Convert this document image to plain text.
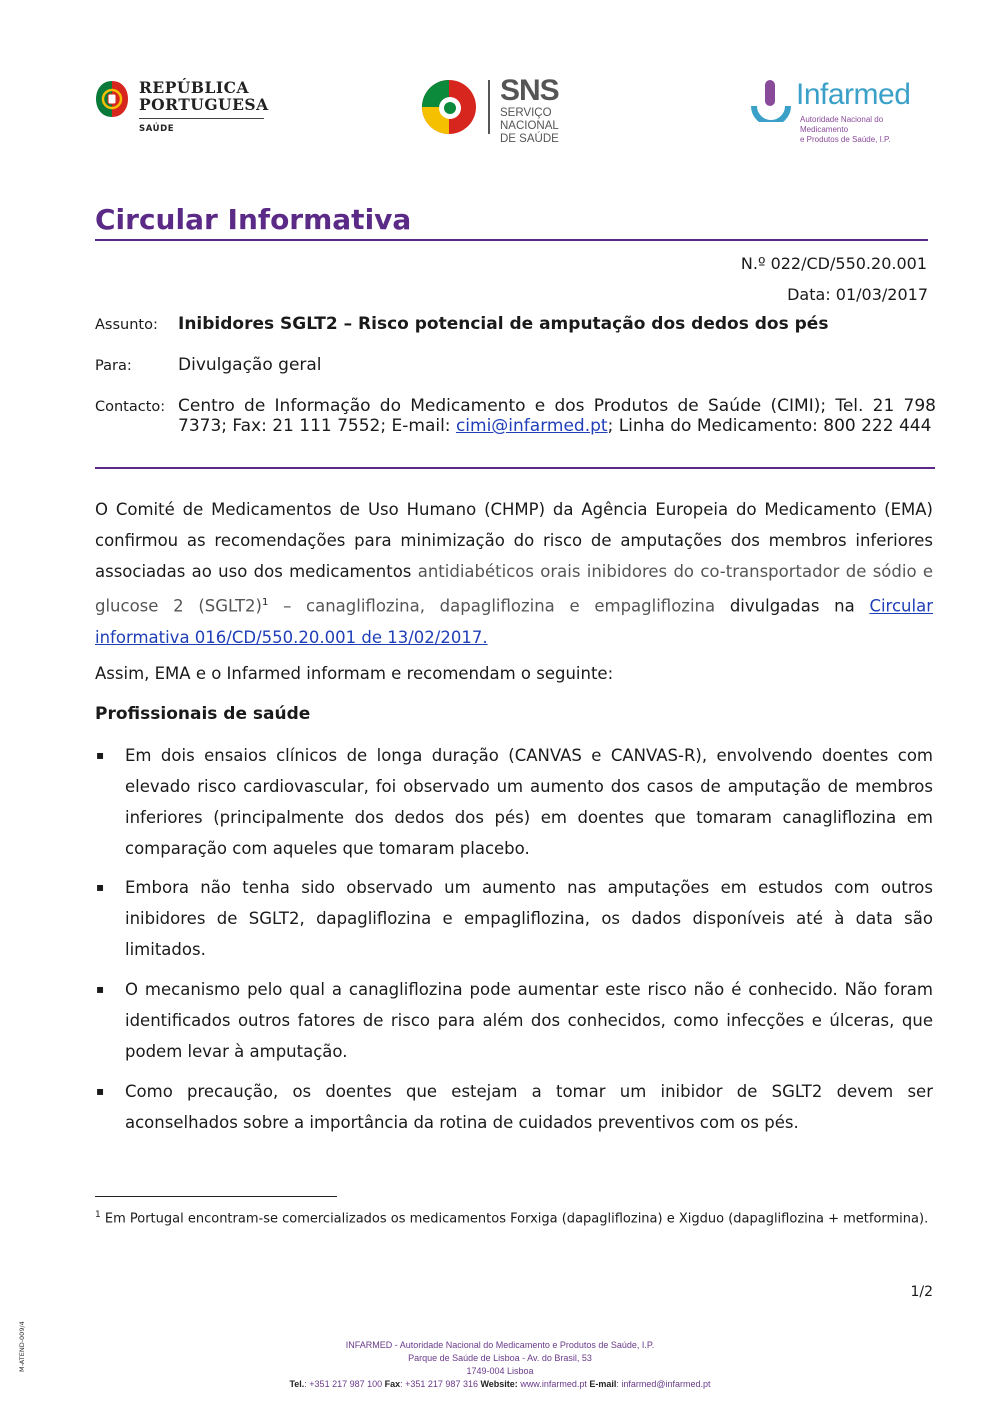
REPÚBLICA
PORTUGUESA
SAÚDE
SNS
SERVIÇO NACIONAL
DE SAÚDE
Infarmed
Autoridade Nacional do Medicamento
e Produtos de Saúde, I.P.
Circular Informativa
N.º 022/CD/550.20.001
Data: 01/03/2017
Assunto: Inibidores SGLT2 – Risco potencial de amputação dos dedos dos pés
Para:	Divulgação geral
Contacto: Centro de Informação do Medicamento e dos Produtos de Saúde (CIMI); Tel. 21 798 7373; Fax: 21 111 7552; E-mail: cimi@infarmed.pt; Linha do Medicamento: 800 222 444
O Comité de Medicamentos de Uso Humano (CHMP) da Agência Europeia do Medicamento (EMA) confirmou as recomendações para minimização do risco de amputações dos membros inferiores associadas ao uso dos medicamentos antidiabéticos orais inibidores do co-transportador de sódio e glucose 2 (SGLT2)$^1$ – canagliflozina, dapagliflozina e empagliflozina divulgadas na Circular informativa 016/CD/550.20.001 de 13/02/2017.
Assim, EMA e o Infarmed informam e recomendam o seguinte:
Profissionais de saúde
▪ Em dois ensaios clínicos de longa duração (CANVAS e CANVAS-R), envolvendo doentes com elevado risco cardiovascular, foi observado um aumento dos casos de amputação de membros inferiores (principalmente dos dedos dos pés) em doentes que tomaram canagliflozina em comparação com aqueles que tomaram placebo.
▪ Embora não tenha sido observado um aumento nas amputações em estudos com outros inibidores de SGLT2, dapagliflozina e empagliflozina, os dados disponíveis até à data são limitados.
▪ O mecanismo pelo qual a canagliflozina pode aumentar este risco não é conhecido. Não foram identificados outros fatores de risco para além dos conhecidos, como infecções e úlceras, que podem levar à amputação.
▪ Como precaução, os doentes que estejam a tomar um inibidor de SGLT2 devem ser aconselhados sobre a importância da rotina de cuidados preventivos com os pés.
$^1$ Em Portugal encontram-se comercializados os medicamentos Forxiga (dapagliflozina) e Xigduo (dapagliflozina + metformina).
1/2
M-ATEND-009/4	INFARMED - Autoridade Nacional do Medicamento e Produtos de Saúde, I.P.
Parque de Saúde de Lisboa - Av. do Brasil, 53
1749-004 Lisboa
Tel.: +351 217 987 100 Fax: +351 217 987 316 Website: www.infarmed.pt E-mail: infarmed@infarmed.pt
